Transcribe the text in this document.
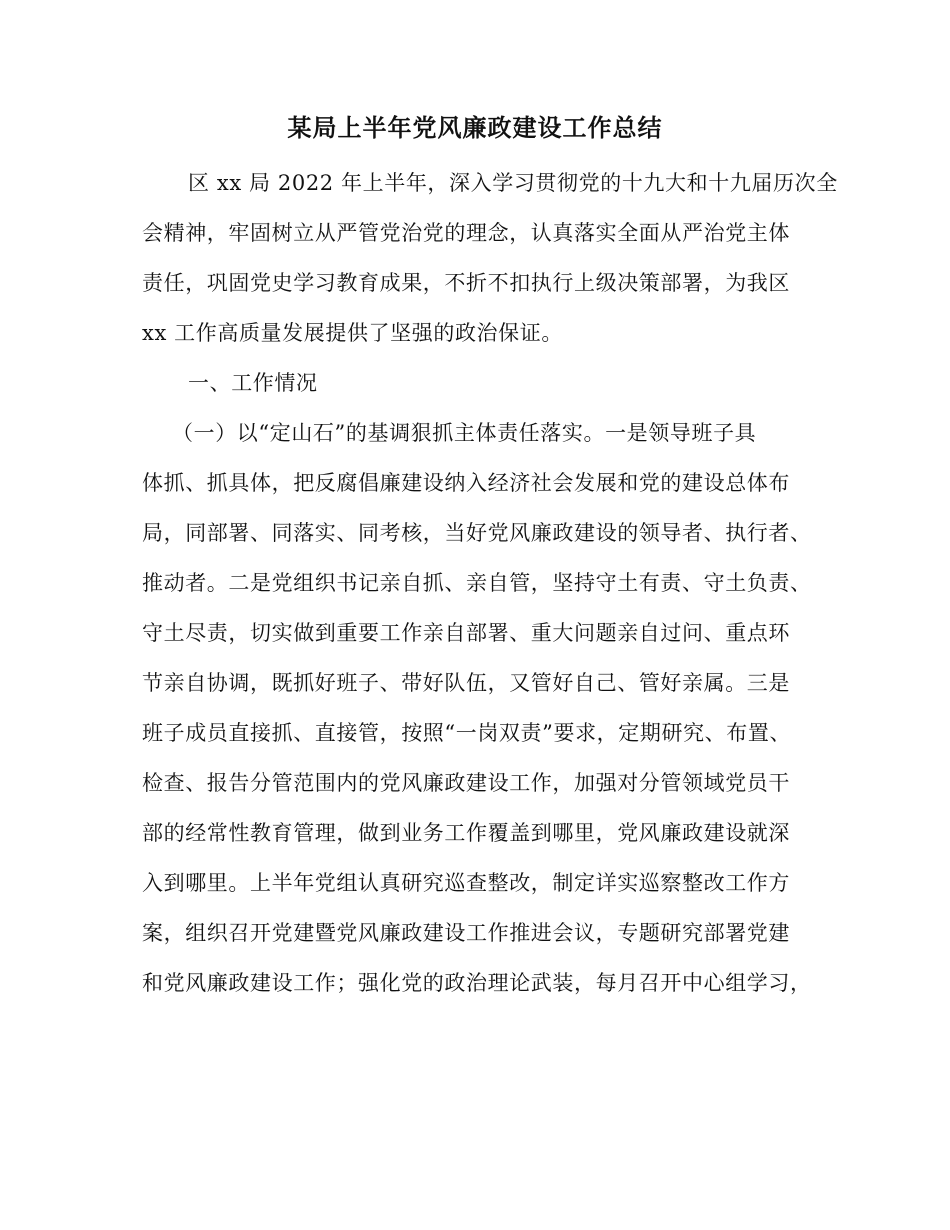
某局上半年党风廉政建设工作总结
区 xx 局 2022 年上半年，深入学习贯彻党的十九大和十九届历次全
会精神，牢固树立从严管党治党的理念，认真落实全面从严治党主体
责任，巩固党史学习教育成果，不折不扣执行上级决策部署，为我区
xx 工作高质量发展提供了坚强的政治保证。
一、工作情况
（一）以“定山石”的基调狠抓主体责任落实。一是领导班子具
体抓、抓具体，把反腐倡廉建设纳入经济社会发展和党的建设总体布
局，同部署、同落实、同考核，当好党风廉政建设的领导者、执行者、
推动者。二是党组织书记亲自抓、亲自管，坚持守土有责、守土负责、
守土尽责，切实做到重要工作亲自部署、重大问题亲自过问、重点环
节亲自协调，既抓好班子、带好队伍，又管好自己、管好亲属。三是
班子成员直接抓、直接管，按照“一岗双责”要求，定期研究、布置、
检查、报告分管范围内的党风廉政建设工作，加强对分管领域党员干
部的经常性教育管理，做到业务工作覆盖到哪里，党风廉政建设就深
入到哪里。上半年党组认真研究巡查整改，制定详实巡察整改工作方
案，组织召开党建暨党风廉政建设工作推进会议，专题研究部署党建
和党风廉政建设工作；强化党的政治理论武装，每月召开中心组学习，
